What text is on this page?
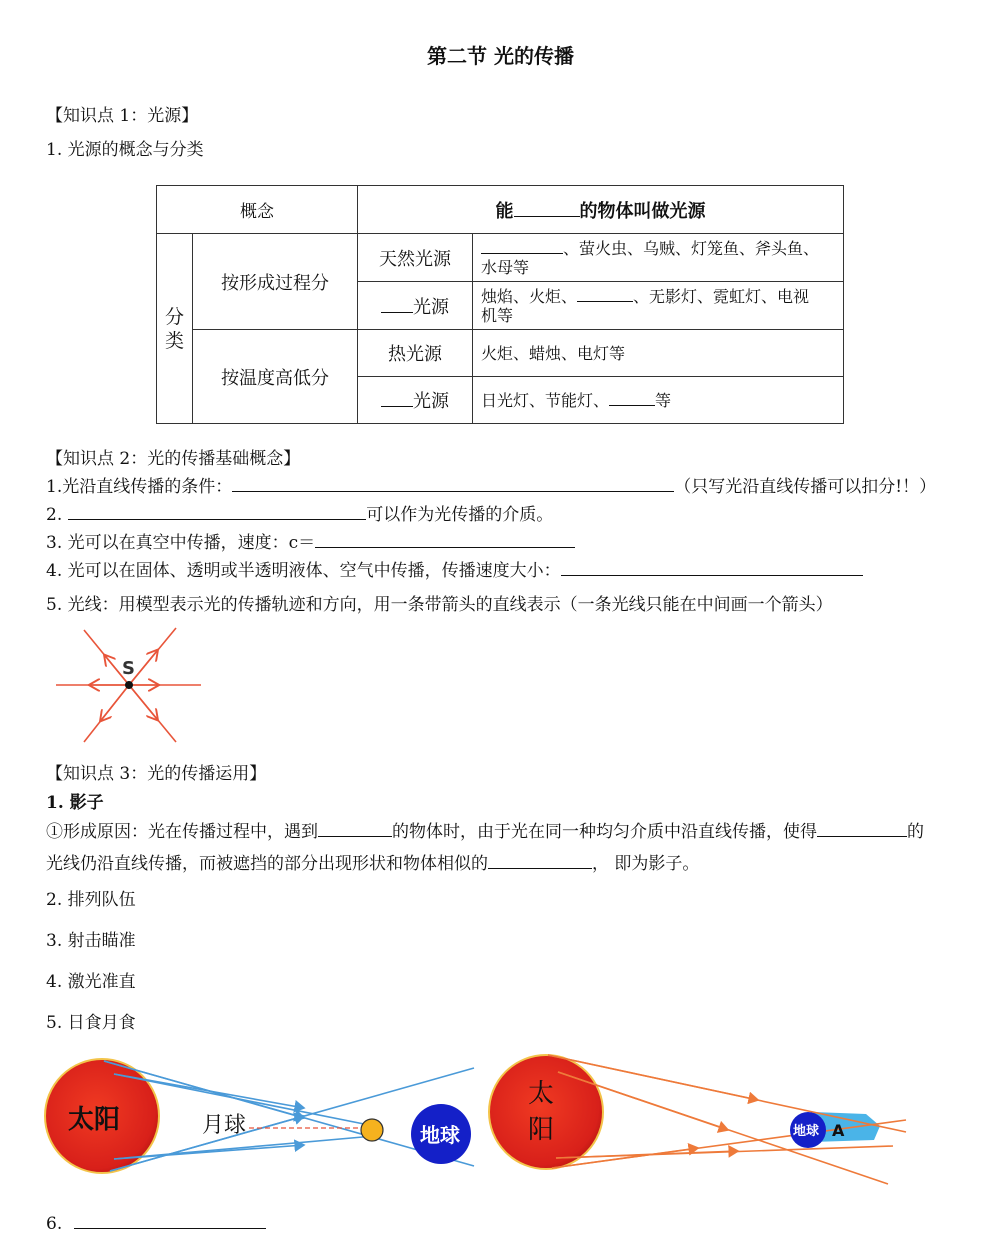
第二节 光的传播
【知识点 1：光源】
1. 光源的概念与分类
概念		能 的物体叫做光源	
分
类	按形成过程分	天然光源	、萤火虫、乌贼、灯笼鱼、斧头鱼、
水母等
		光源	烛焰、火炬、 、无影灯、霓虹灯、电视
机等
	按温度高低分	热光源	火炬、蜡烛、电灯等
		光源	日光灯、节能灯、 等
【知识点 2：光的传播基础概念】
1.光沿直线传播的条件：	（只写光沿直线传播可以扣分!！）
2.	可以作为光传播的介质。
3. 光可以在真空中传播，速度：c＝
4. 光可以在固体、透明或半透明液体、空气中传播，传播速度大小：
5. 光线：用模型表示光的传播轨迹和方向，用一条带箭头的直线表示（一条光线只能在中间画一个箭头）
S
【知识点 3：光的传播运用】
1. 影子
①形成原因：光在传播过程中，遇到	的物体时，由于光在同一种均匀介质中沿直线传播，使得	的
光线仍沿直线传播，而被遮挡的部分出现形状和物体相似的	， 即为影子。
2. 排列队伍
3. 射击瞄准
4. 激光准直
5. 日食月食
太阳	月球	地球	地球 A
太
阳
6.
